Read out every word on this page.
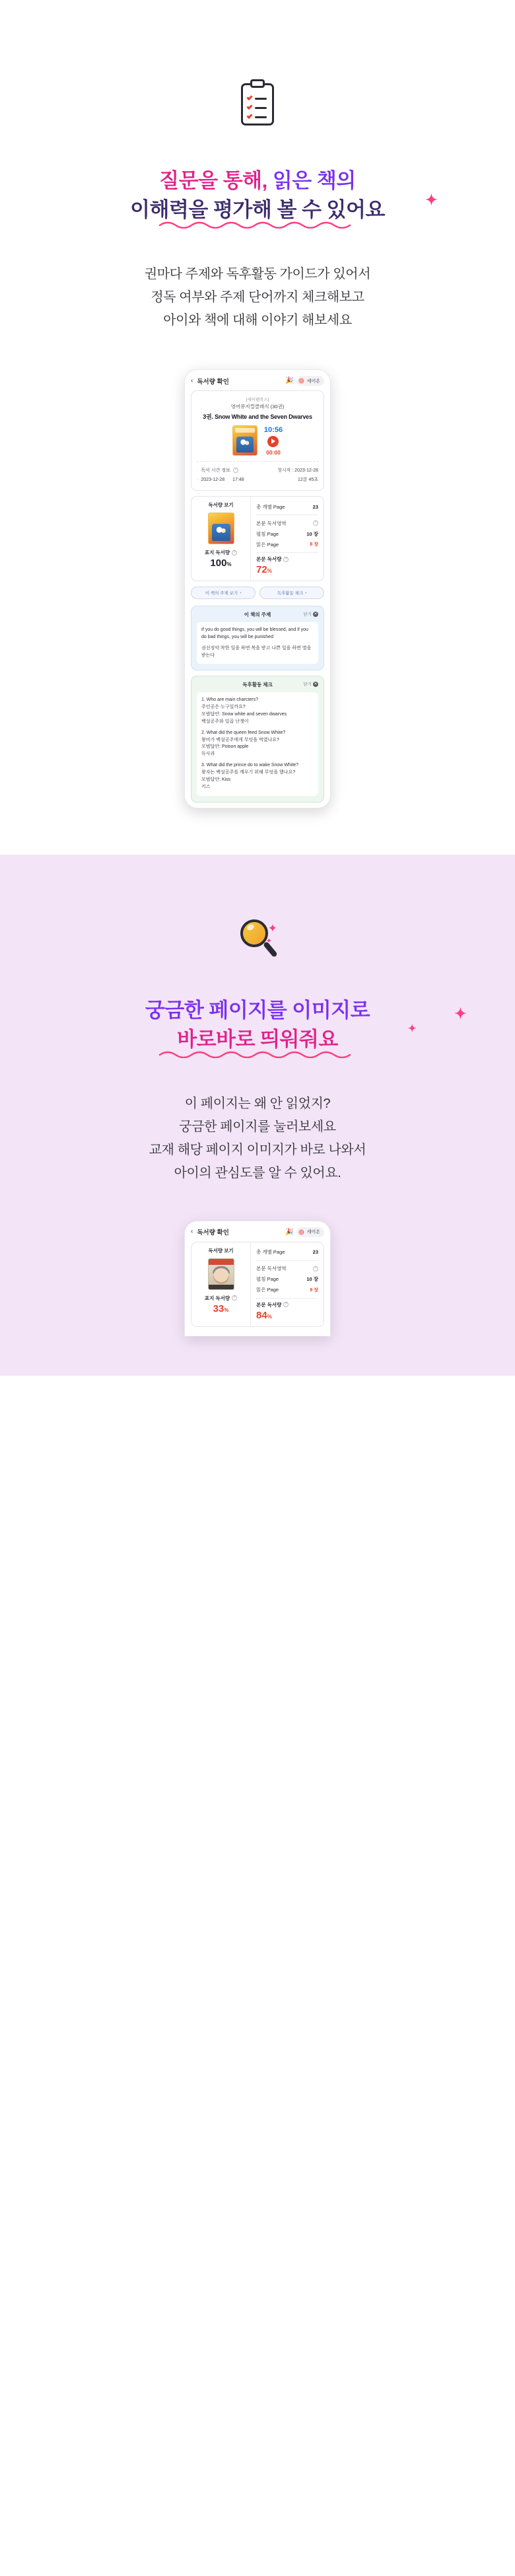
질문을 통해, 읽은 책의
이해력을 평가해 볼 수 있어요	✦
권마다 주제와 독후활동 가이드가 있어서
정독 여부와 주제 단어까지 체크해보고
아이와 책에 대해 이야기 해보세요
‹ 독서량 확인	🎉	세이온
[세이펜북스]
영어뮤지컬클래식 (30권)
3권. Snow White and the Seven Dwarves
10:56
00:00
· 독서 시간 정보	?	첫시작 : 2023-12-28
· 2023-12-28 17:48	12분 45초
독서량 보기
표지 독서량 ?
100%
총 개별 Page	23
본문 독서영역	?
펼침 Page	10 장
읽은 Page	8 장
본문 독서량 ?
72%
이 책의 주제 보기 ›	독후활동 체크 ›
이 책의 주제	닫기 ✕

If you do good things, you will be blessed, and if you do bad things, you will be punished

권선징악:착한 일을 하면 복을 받고 나쁜 일을 하면 벌을 받는다

독후활동 체크	닫기 ✕

1. Who are main charcters?
주인공은 누구일까요?
모범답안: Snow white and seven dwarves
백설공주와 일곱 난쟁이

2. What did the queen feed Snow White?
왕비가 백설공주에게 무엇을 먹였나요?
모범답안: Poison apple
독사과

3. What did the prince do to wake Snow White?
왕자는 백설공주를 깨우기 위해 무엇을 했나요?
모범답안: Kiss
키스

✦
✦
궁금한 페이지를 이미지로	✦
바로바로 띄워줘요	✦
이 페이지는 왜 안 읽었지?
궁금한 페이지를 눌러보세요
교재 해당 페이지 이미지가 바로 나와서
아이의 관심도를 알 수 있어요.
‹ 독서량 확인	🎉	세이온
독서량 보기
표지 독서량 ?
33%
총 개별 Page	23
본문 독서영역	?
펼침 Page	10 장
읽은 Page	9 장
본문 독서량 ?
84%
